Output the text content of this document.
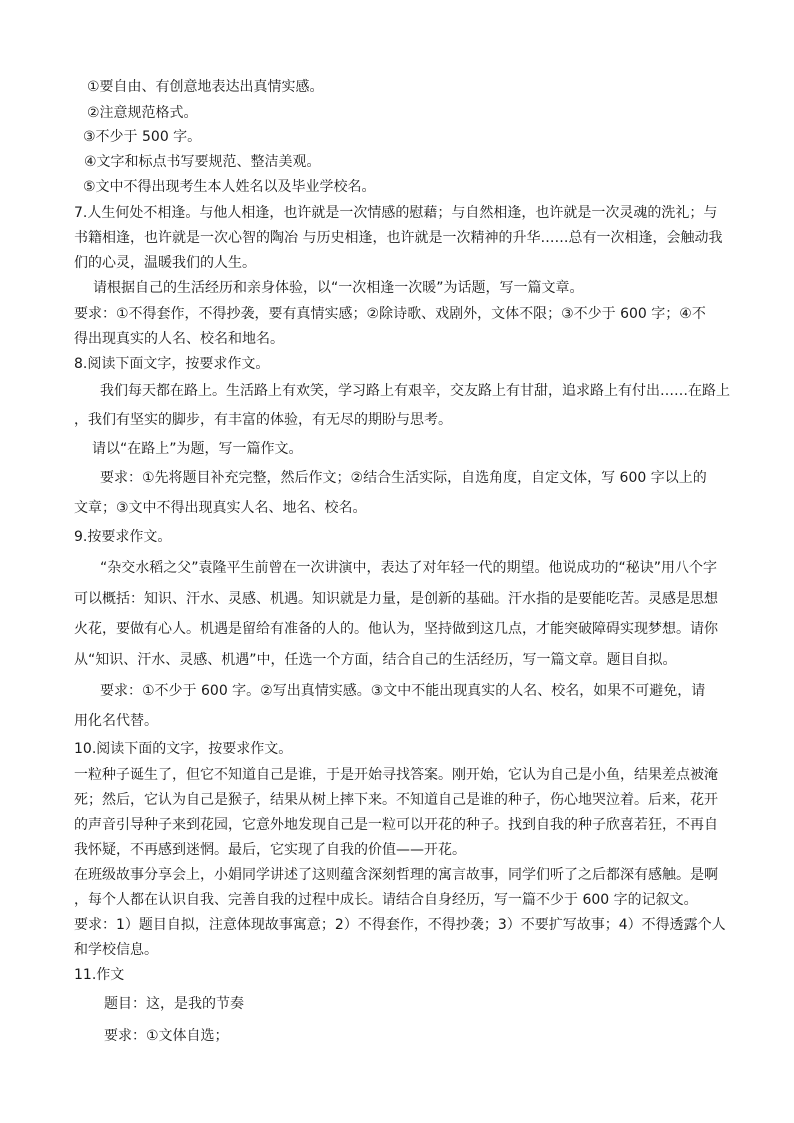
①要自由、有创意地表达出真情实感。
②注意规范格式。
③不少于 500 字。
④文字和标点书写要规范、整洁美观。
⑤文中不得出现考生本人姓名以及毕业学校名。
7.人生何处不相逢。与他人相逢，也许就是一次情感的慰藉；与自然相逢，也许就是一次灵魂的洗礼；与
书籍相逢，也许就是一次心智的陶冶 与历史相逢，也许就是一次精神的升华……总有一次相逢，会触动我
们的心灵，温暖我们的人生。
请根据自己的生活经历和亲身体验，以“一次相逢一次暖”为话题，写一篇文章。
要求：①不得套作，不得抄袭，要有真情实感；②除诗歌、戏剧外，文体不限；③不少于 600 字；④不
得出现真实的人名、校名和地名。
8.阅读下面文字，按要求作文。
我们每天都在路上。生活路上有欢笑，学习路上有艰辛，交友路上有甘甜，追求路上有付出……在路上
，我们有坚实的脚步，有丰富的体验，有无尽的期盼与思考。
请以“在路上”为题，写一篇作文。
要求：①先将题目补充完整，然后作文；②结合生活实际，自选角度，自定文体，写 600 字以上的
文章；③文中不得出现真实人名、地名、校名。
9.按要求作文。
“杂交水稻之父”袁隆平生前曾在一次讲演中，表达了对年轻一代的期望。他说成功的“秘诀”用八个字
可以概括：知识、汗水、灵感、机遇。知识就是力量，是创新的基础。汗水指的是要能吃苦。灵感是思想
火花，要做有心人。机遇是留给有准备的人的。他认为，坚持做到这几点，才能突破障碍实现梦想。请你
从“知识、汗水、灵感、机遇”中，任选一个方面，结合自己的生活经历，写一篇文章。题目自拟。
要求：①不少于 600 字。②写出真情实感。③文中不能出现真实的人名、校名，如果不可避免，请
用化名代替。
10.阅读下面的文字，按要求作文。
一粒种子诞生了，但它不知道自己是谁，于是开始寻找答案。刚开始，它认为自己是小鱼，结果差点被淹
死；然后，它认为自己是猴子，结果从树上摔下来。不知道自己是谁的种子，伤心地哭泣着。后来，花开
的声音引导种子来到花园，它意外地发现自己是一粒可以开花的种子。找到自我的种子欣喜若狂，不再自
我怀疑，不再感到迷惘。最后，它实现了自我的价值——开花。
在班级故事分享会上，小娟同学讲述了这则蕴含深刻哲理的寓言故事，同学们听了之后都深有感触。是啊
，每个人都在认识自我、完善自我的过程中成长。请结合自身经历，写一篇不少于 600 字的记叙文。
要求：1）题目自拟，注意体现故事寓意；2）不得套作，不得抄袭；3）不要扩写故事；4）不得透露个人
和学校信息。
11.作文
题目：这，是我的节奏
要求：①文体自选；
